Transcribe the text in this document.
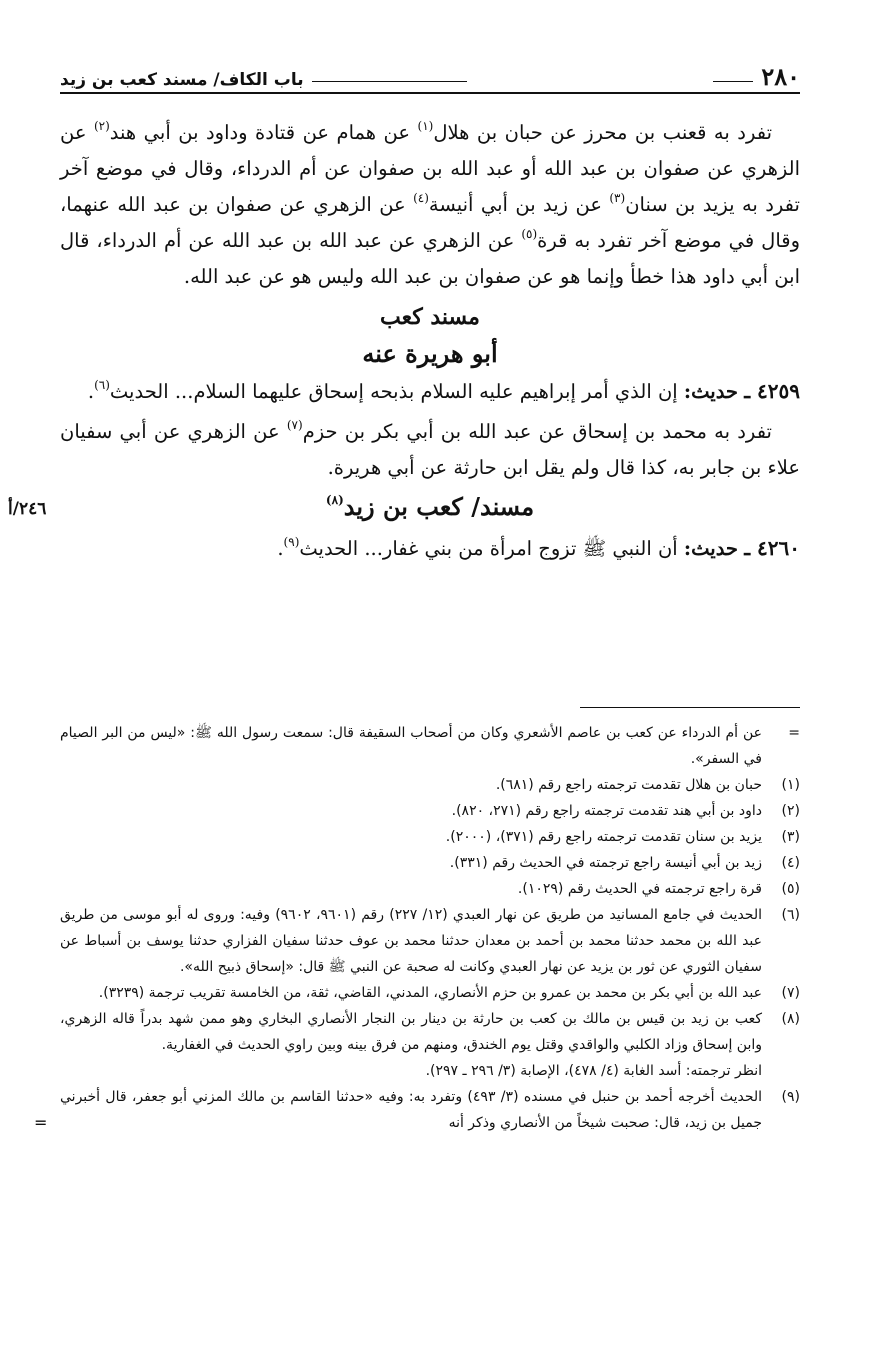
٢٨٠
باب الكاف/ مسند كعب بن زيد

تفرد به قعنب بن محرز عن حبان بن هلال$^{(١)}$ عن همام عن قتادة وداود بن أبي هند$^{(٢)}$ عن الزهري عن صفوان بن عبد الله أو عبد الله بن صفوان عن أم الدرداء، وقال في موضع آخر تفرد به يزيد بن سنان$^{(٣)}$ عن زيد بن أبي أنيسة$^{(٤)}$ عن الزهري عن صفوان بن عبد الله عنهما، وقال في موضع آخر تفرد به قرة$^{(٥)}$ عن الزهري عن عبد الله بن عبد الله عن أم الدرداء، قال ابن أبي داود هذا خطأ وإنما هو عن صفوان بن عبد الله وليس هو عن عبد الله.

مسند كعب
أبو هريرة عنه

٤٢٥٩ ـ حديث: إن الذي أمر إبراهيم عليه السلام بذبحه إسحاق عليهما السلام... الحديث$^{(٦)}$.

تفرد به محمد بن إسحاق عن عبد الله بن أبي بكر بن حزم$^{(٧)}$ عن الزهري عن أبي سفيان علاء بن جابر به، كذا قال ولم يقل ابن حارثة عن أبي هريرة.

مسند/ كعب بن زيد$^{(٨)}$
٢٤٦/أ

٤٢٦٠ ـ حديث: أن النبي ﷺ تزوج امرأة من بني غفار... الحديث$^{(٩)}$.

=
عن أم الدرداء عن كعب بن عاصم الأشعري وكان من أصحاب السقيفة قال: سمعت رسول الله ﷺ: «ليس من البر الصيام في السفر».
(١)
حبان بن هلال تقدمت ترجمته راجع رقم (٦٨١).
(٢)
داود بن أبي هند تقدمت ترجمته راجع رقم (٢٧١، ٨٢٠).
(٣)
يزيد بن سنان تقدمت ترجمته راجع رقم (٣٧١)، (٢٠٠٠).
(٤)
زيد بن أبي أنيسة راجع ترجمته في الحديث رقم (٣٣١).
(٥)
قرة راجع ترجمته في الحديث رقم (١٠٢٩).
(٦)
الحديث في جامع المسانيد من طريق عن نهار العبدي (١٢/ ٢٢٧) رقم (٩٦٠١، ٩٦٠٢) وفيه: وروى له أبو موسى من طريق عبد الله بن محمد حدثنا محمد بن أحمد بن معدان حدثنا محمد بن عوف حدثنا سفيان الفزاري حدثنا يوسف بن أسباط عن سفيان الثوري عن ثور بن يزيد عن نهار العبدي وكانت له صحبة عن النبي ﷺ قال: «إسحاق ذبيح الله».
(٧)
عبد الله بن أبي بكر بن محمد بن عمرو بن حزم الأنصاري، المدني، القاضي، ثقة، من الخامسة تقريب ترجمة (٣٢٣٩).
(٨)
كعب بن زيد بن قيس بن مالك بن كعب بن حارثة بن دينار بن النجار الأنصاري البخاري وهو ممن شهد بدراً قاله الزهري، وابن إسحاق وزاد الكلبي والواقدي وقتل يوم الخندق، ومنهم من فرق بينه وبين راوي الحديث في الغفارية.
انظر ترجمته: أسد الغابة (٤/ ٤٧٨)، الإصابة (٣/ ٢٩٦ ـ ٢٩٧).
(٩)
الحديث أخرجه أحمد بن حنبل في مسنده (٣/ ٤٩٣) وتفرد به: وفيه «حدثنا القاسم بن مالك المزني أبو جعفر، قال أخبرني جميل بن زيد، قال: صحبت شيخاً من الأنصاري وذكر أنه
=
